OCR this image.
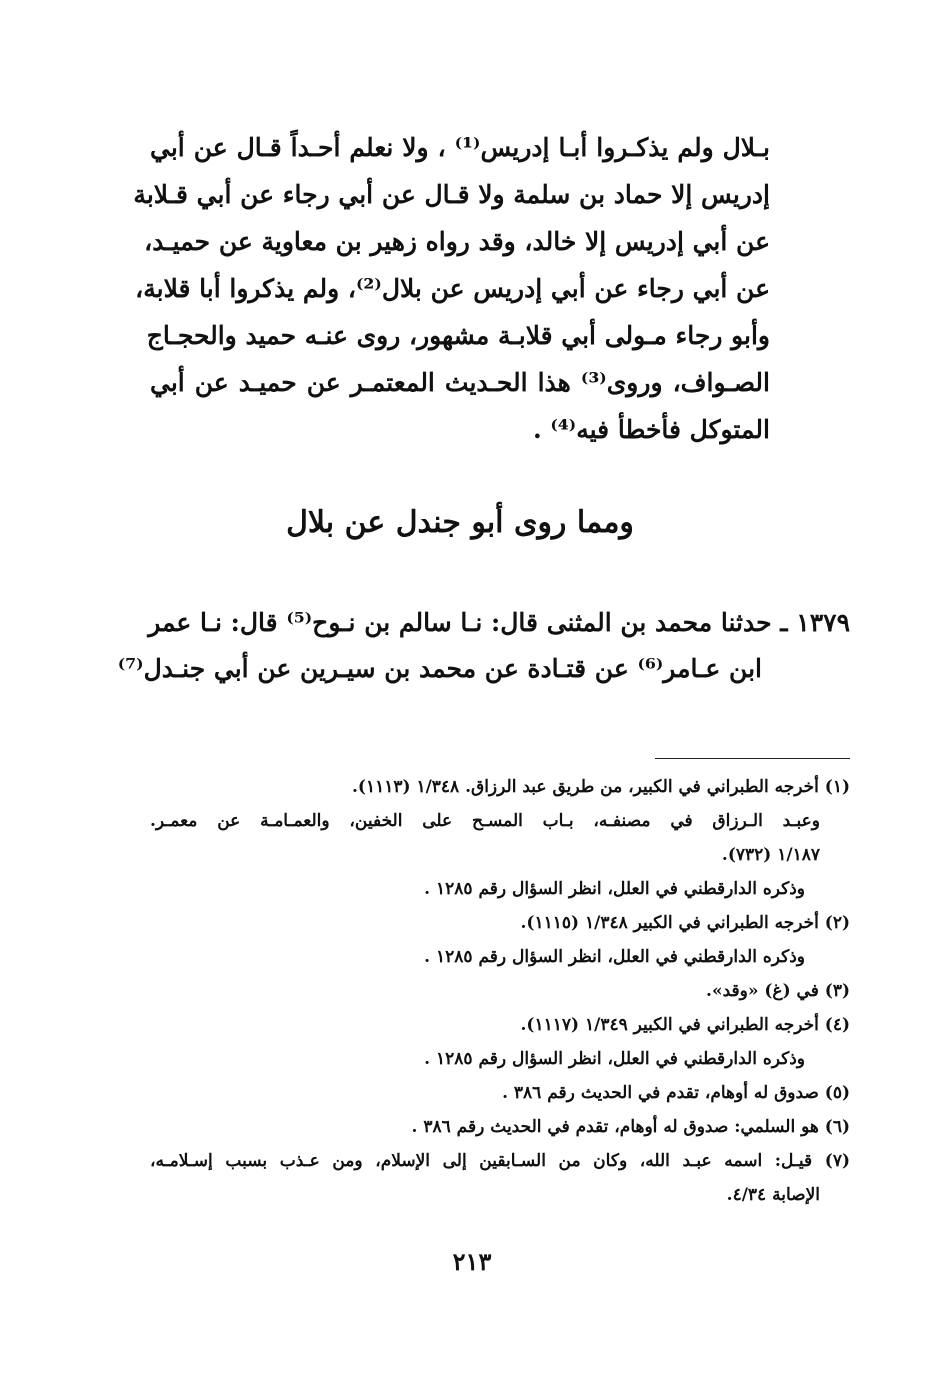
بـلال ولم يذكـروا أبـا إدريس⁽¹⁾ ، ولا نعلم أحـداً قـال عن أبي
إدريس إلا حماد بن سلمة ولا قـال عن أبي رجاء عن أبي قـلابة
عن أبي إدريس إلا خالد، وقد رواه زهير بن معاوية عن حميـد،
عن أبي رجاء عن أبي إدريس عن بلال⁽²⁾، ولم يذكروا أبا قلابة،
وأبو رجاء مـولى أبي قلابـة مشهور، روى عنـه حميد والحجـاج
الصـواف، وروى⁽³⁾ هذا الحـديث المعتمـر عن حميـد عن أبي
المتوكل فأخطأ فيه⁽⁴⁾ .
ومما روى أبو جندل عن بلال
١٣٧٩ ـ حدثنا محمد بن المثنى قال: نـا سالم بن نـوح⁽⁵⁾ قال: نـا عمر
ابن عـامر⁽⁶⁾ عن قتـادة عن محمد بن سيـرين عن أبي جنـدل⁽⁷⁾
(١) أخرجه الطبراني في الكبير، من طريق عبد الرزاق. ١/٣٤٨ (١١١٣).
وعبـد الـرزاق في مصنفـه، بـاب المسـح على الخفين، والعمـامـة عن معمـر.
١/١٨٧ (٧٣٢).
وذكره الدارقطني في العلل، انظر السؤال رقم ١٢٨٥ .
(٢) أخرجه الطبراني في الكبير ١/٣٤٨ (١١١٥).
وذكره الدارقطني في العلل، انظر السؤال رقم ١٢٨٥ .
(٣) في (غ) «وقد».
(٤) أخرجه الطبراني في الكبير ١/٣٤٩ (١١١٧).
وذكره الدارقطني في العلل، انظر السؤال رقم ١٢٨٥ .
(٥) صدوق له أوهام، تقدم في الحديث رقم ٣٨٦ .
(٦) هو السلمي: صدوق له أوهام، تقدم في الحديث رقم ٣٨٦ .
(٧) قيـل: اسمه عبـد الله، وكان من السـابقين إلى الإسلام، ومن عـذب بسبب إسـلامـه،
الإصابة ٤/٣٤.
٢١٣
